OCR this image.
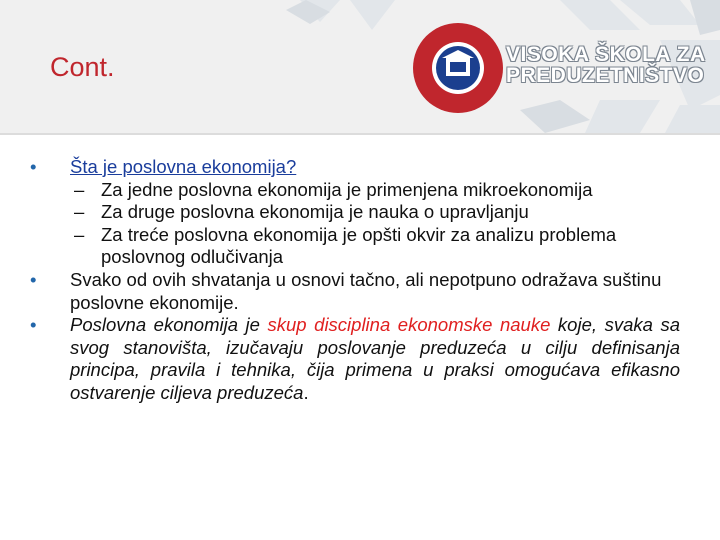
Cont.	VISOKA ŠKOLA ZA
PREDUZETNIŠTVO
• Šta je poslovna ekonomija?
– Za jedne poslovna ekonomija je primenjena mikroekonomija
– Za druge poslovna ekonomija je nauka o upravljanju
– Za treće poslovna ekonomija je opšti okvir za analizu problema poslovnog odlučivanja
• Svako od ovih shvatanja u osnovi tačno, ali nepotpuno odražava suštinu poslovne ekonomije.
• Poslovna ekonomija je skup disciplina ekonomske nauke koje, svaka sa svog stanovišta, izučavaju poslovanje preduzeća u cilju definisanja principa, pravila i tehnika, čija primena u praksi omogućava efikasno ostvarenje ciljeva preduzeća.
